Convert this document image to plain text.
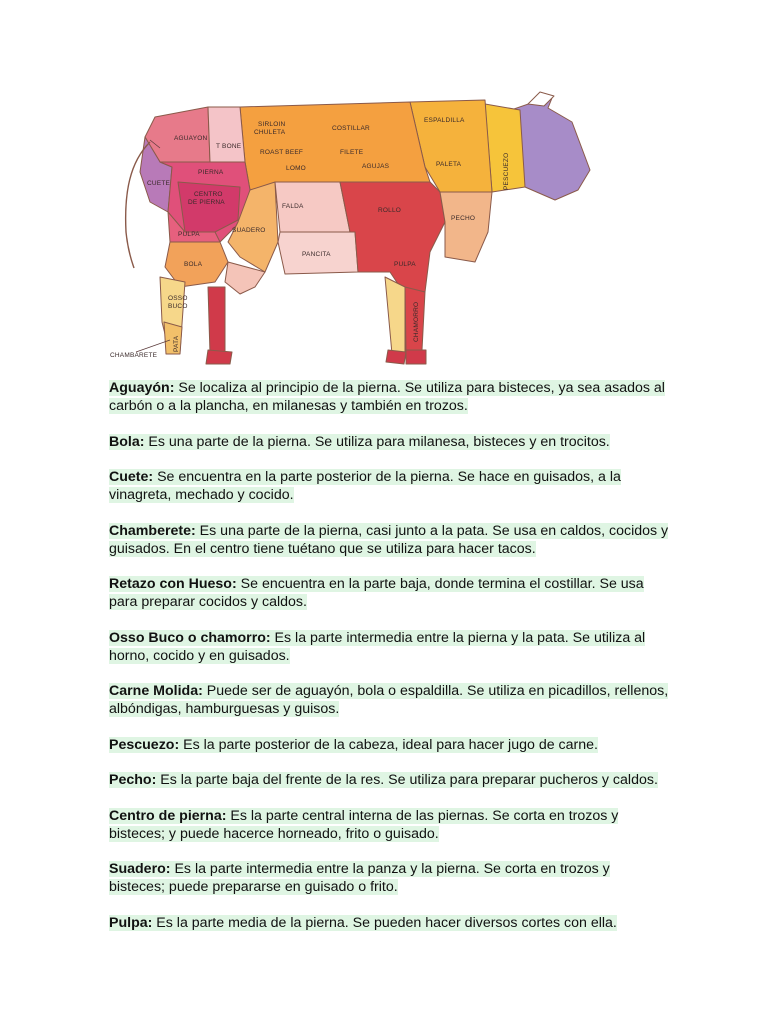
AGUAYON
T BONE
SIRLOIN
CHULETA
ROAST BEEF
LOMO
COSTILLAR
FILETE
AGUJAS
ESPALDILLA
PALETA	PESCUEZO
PIERNA
CUETE
CENTRO
DE PIERNA
PULPA
FALDA
ROLLO
PECHO
SUADERO
PANCITA
PULPA
BOLA
OSSO
BUCO
PATA
CHAMORRO
CHAMBARETE

Aguayón: Se localiza al principio de la pierna. Se utiliza para bisteces, ya sea asados al carbón o a la plancha, en milanesas y también en trozos.

Bola: Es una parte de la pierna. Se utiliza para milanesa, bisteces y en trocitos.

Cuete: Se encuentra en la parte posterior de la pierna. Se hace en guisados, a la vinagreta, mechado y cocido.

Chamberete: Es una parte de la pierna, casi junto a la pata. Se usa en caldos, cocidos y guisados. En el centro tiene tuétano que se utiliza para hacer tacos.

Retazo con Hueso: Se encuentra en la parte baja, donde termina el costillar. Se usa para preparar cocidos y caldos.

Osso Buco o chamorro: Es la parte intermedia entre la pierna y la pata. Se utiliza al horno, cocido y en guisados.

Carne Molida: Puede ser de aguayón, bola o espaldilla. Se utiliza en picadillos, rellenos, albóndigas, hamburguesas y guisos.

Pescuezo: Es la parte posterior de la cabeza, ideal para hacer jugo de carne.

Pecho: Es la parte baja del frente de la res. Se utiliza para preparar pucheros y caldos.

Centro de pierna: Es la parte central interna de las piernas. Se corta en trozos y bisteces; y puede hacerce horneado, frito o guisado.

Suadero: Es la parte intermedia entre la panza y la pierna. Se corta en trozos y bisteces; puede prepararse en guisado o frito.

Pulpa: Es la parte media de la pierna. Se pueden hacer diversos cortes con ella.
